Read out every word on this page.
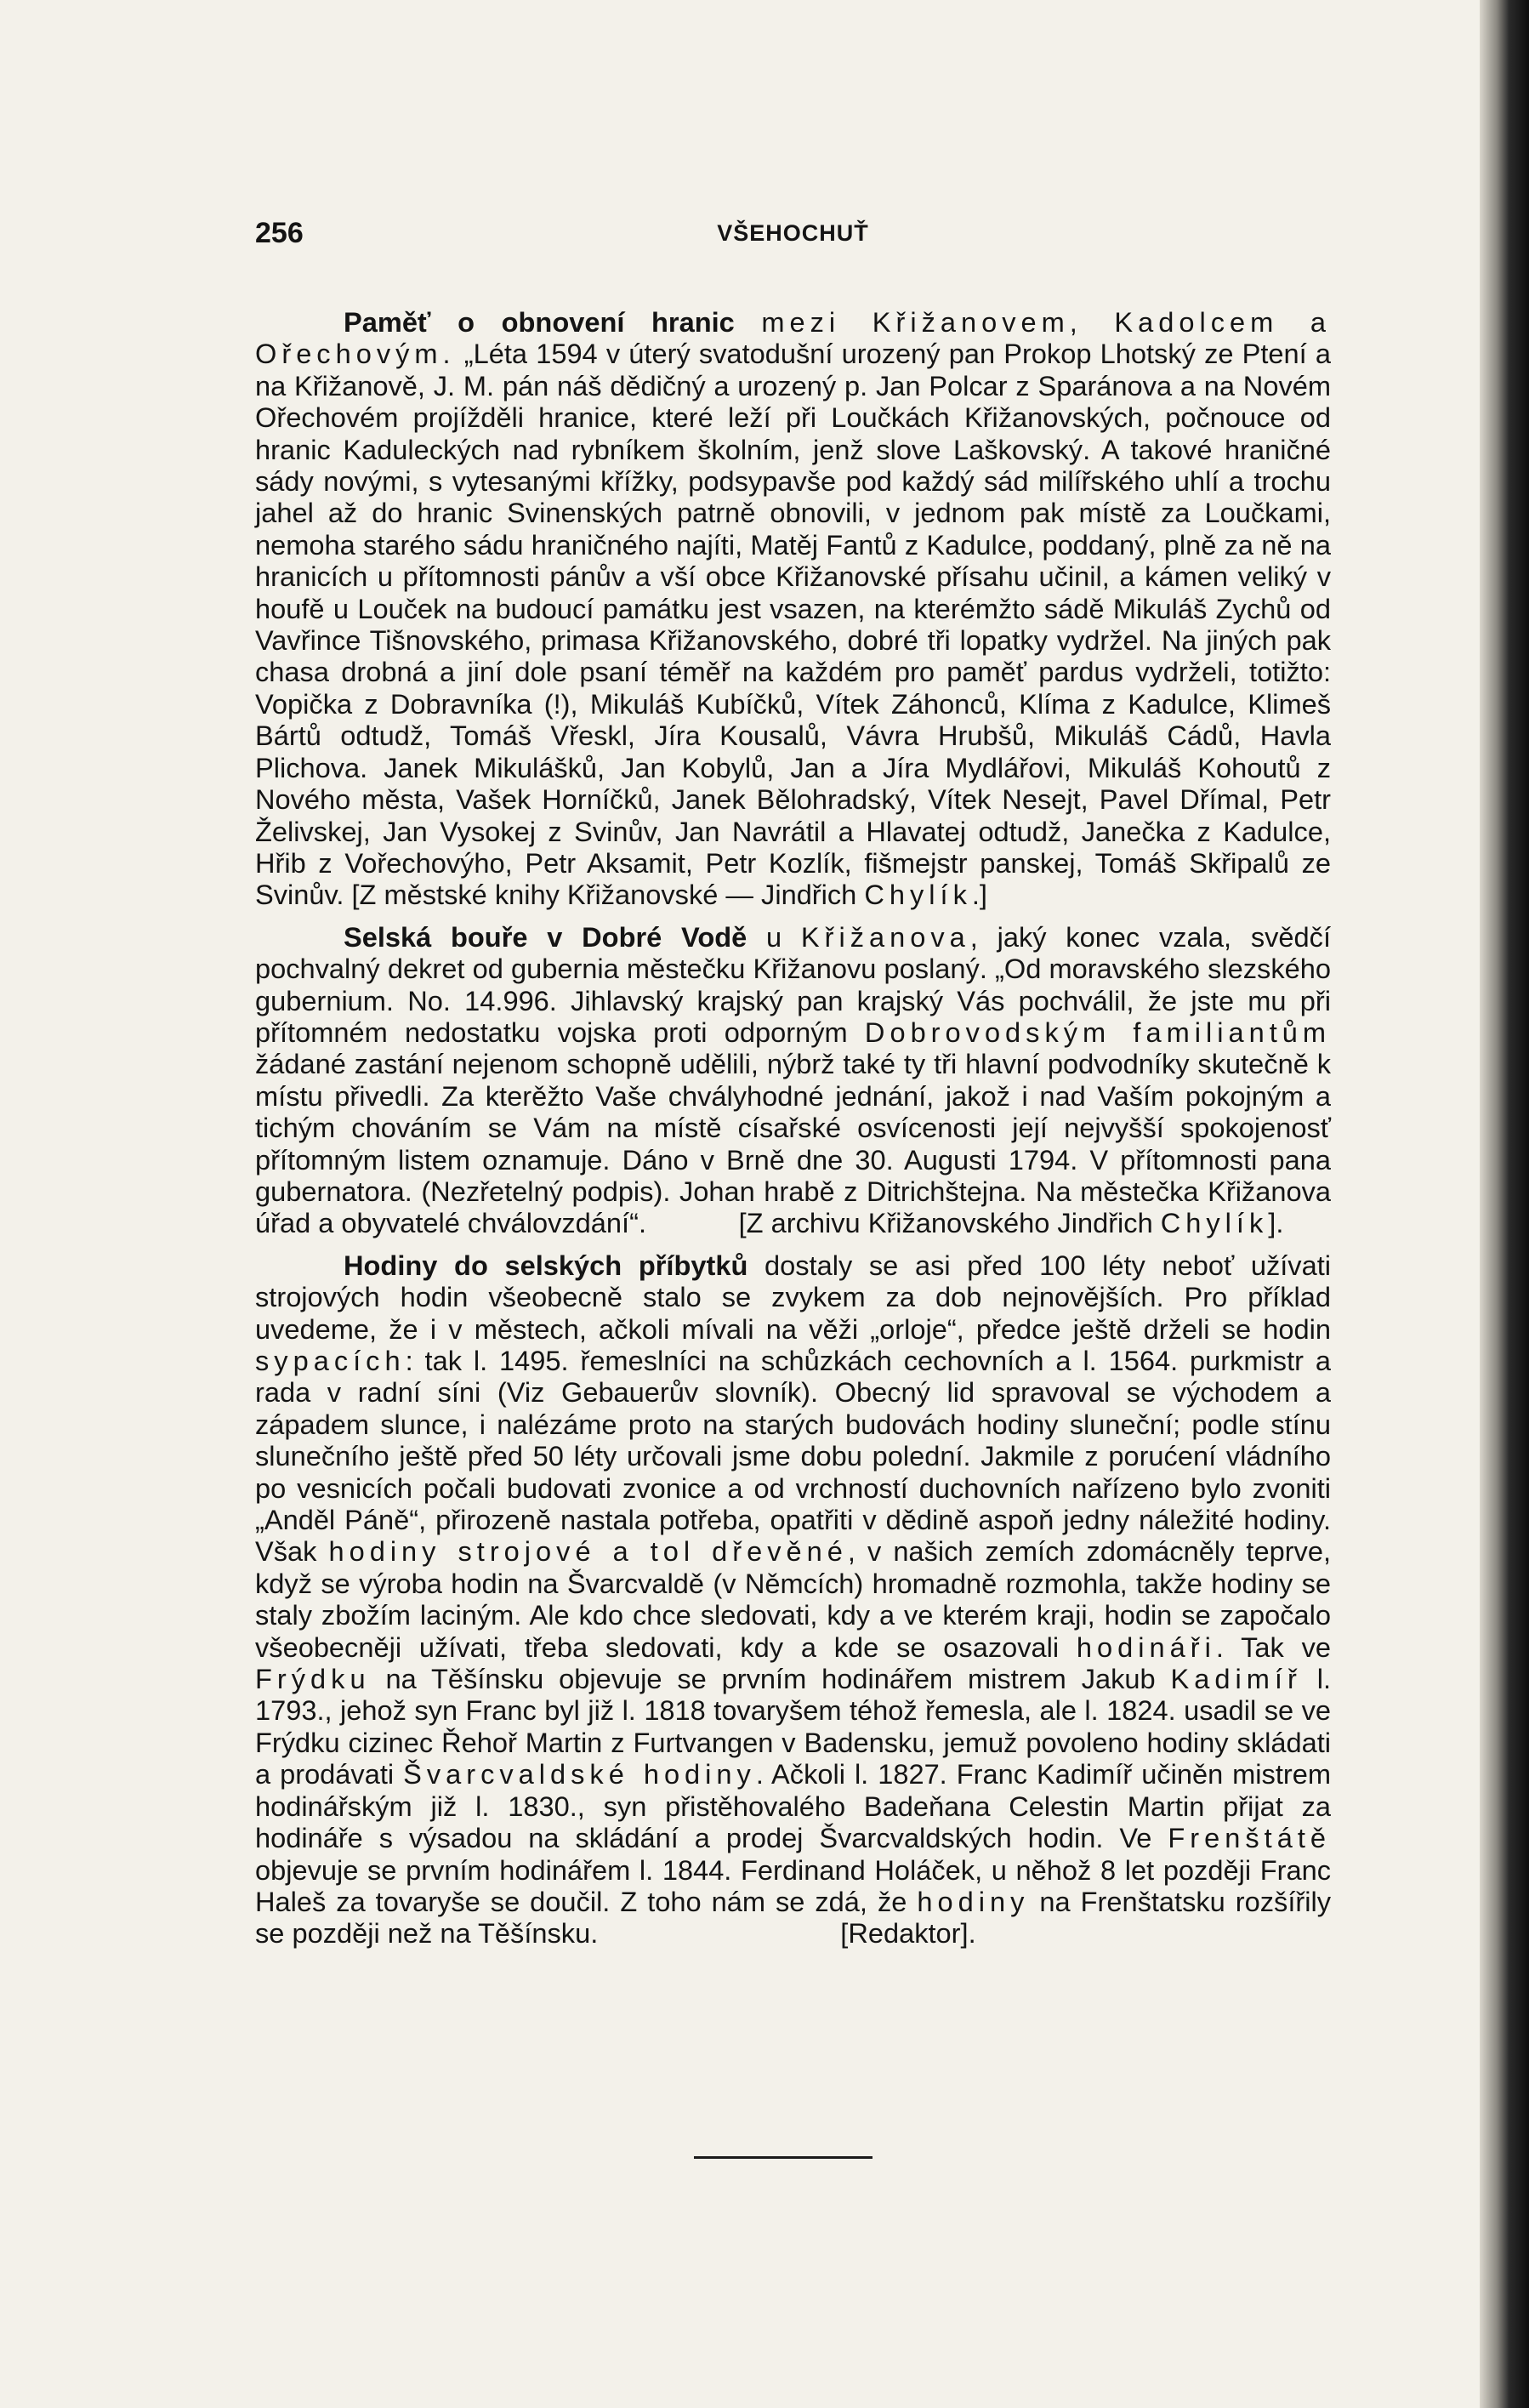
256	VŠEHOCHUŤ

Paměť o obnovení hranic mezi Křižanovem, Kadolcem a Ořechovým. „Léta 1594 v úterý svatodušní urozený pan Prokop Lhotský ze Ptení a na Křižanově, J. M. pán náš dědičný a urozený p. Jan Polcar z Sparánova a na Novém Ořechovém projížděli hranice, které leží při Loučkách Křižanovských, počnouce od hranic Kaduleckých nad rybníkem školním, jenž slove Laškovský. A takové hraničné sády novými, s vytesanými křížky, podsypavše pod každý sád milířského uhlí a trochu jahel až do hranic Svinenských patrně obnovili, v jednom pak místě za Loučkami, nemoha starého sádu hraničného najíti, Matěj Fantů z Kadulce, poddaný, plně za ně na hranicích u přítomnosti pánův a vší obce Křižanovské přísahu učinil, a kámen veliký v houfě u Louček na budoucí památku jest vsazen, na kterémžto sádě Mikuláš Zychů od Vavřince Tišnovského, primasa Křižanovského, dobré tři lopatky vydržel. Na jiných pak chasa drobná a jiní dole psaní téměř na každém pro paměť pardus vydrželi, totižto: Vopička z Dobravníka (!), Mikuláš Kubíčků, Vítek Záhonců, Klíma z Kadulce, Klimeš Bártů odtudž, Tomáš Vřeskl, Jíra Kousalů, Vávra Hrubšů, Mikuláš Cádů, Havla Plichova. Janek Mikulášků, Jan Kobylů, Jan a Jíra Mydlářovi, Mikuláš Kohoutů z Nového města, Vašek Horníčků, Janek Bělohradský, Vítek Nesejt, Pavel Dřímal, Petr Želivskej, Jan Vysokej z Svinův, Jan Navrátil a Hlavatej odtudž, Janečka z Kadulce, Hřib z Vořechovýho, Petr Aksamit, Petr Kozlík, fišmejstr panskej, Tomáš Skřipalů ze Svinův. [Z městské knihy Křižanovské — Jindřich Chylík.]

Selská bouře v Dobré Vodě u Křižanova, jaký konec vzala, svědčí pochvalný dekret od gubernia městečku Křižanovu poslaný. „Od moravského slezského gubernium. No. 14.996. Jihlavský krajský pan krajský Vás pochválil, že jste mu při přítomném nedostatku vojska proti odporným Dobrovodským familiantům žádané zastání nejenom schopně udělili, nýbrž také ty tři hlavní podvodníky skutečně k místu přivedli. Za kterěžto Vaše chvályhodné jednání, jakož i nad Vaším pokojným a tichým chováním se Vám na místě císařské osvícenosti její nejvyšší spokojenosť přítomným listem oznamuje. Dáno v Brně dne 30. Augusti 1794. V přítomnosti pana gubernatora. (Nezřetelný podpis). Johan hrabě z Ditrichštejna. Na městečka Křižanova úřad a obyvatelé chválovzdání“.	[Z archivu Křižanovského Jindřich Chylík].

Hodiny do selských příbytků dostaly se asi před 100 léty neboť užívati strojových hodin všeobecně stalo se zvykem za dob nejnovějších. Pro příklad uvedeme, že i v městech, ačkoli mívali na věži „orloje“, předce ještě drželi se hodin sypacích: tak l. 1495. řemeslníci na schůzkách cechovních a l. 1564. purkmistr a rada v radní síni (Viz Gebauerův slovník). Obecný lid spravoval se východem a západem slunce, i nalézáme proto na starých budovách hodiny sluneční; podle stínu slunečního ještě před 50 léty určovali jsme dobu polední. Jakmile z porućení vládního po vesnicích počali budovati zvonice a od vrchností duchovních nařízeno bylo zvoniti „Anděl Páně“, přirozeně nastala potřeba, opatřiti v dědině aspoň jedny náležité hodiny. Však hodiny strojové a tol dřevěné, v našich zemích zdomácněly teprve, když se výroba hodin na Švarcvaldě (v Němcích) hromadně rozmohla, takže hodiny se staly zbožím laciným. Ale kdo chce sledovati, kdy a ve kterém kraji, hodin se započalo všeobecněji užívati, třeba sledovati, kdy a kde se osazovali hodináři. Tak ve Frýdku na Těšínsku objevuje se prvním hodinářem mistrem Jakub Kadimíř l. 1793., jehož syn Franc byl již l. 1818 tovaryšem téhož řemesla, ale l. 1824. usadil se ve Frýdku cizinec Řehoř Martin z Furtvangen v Badensku, jemuž povoleno hodiny skládati a prodávati Švarcvaldské hodiny. Ačkoli l. 1827. Franc Kadimíř učiněn mistrem hodinářským již l. 1830., syn přistěhovalého Badeňana Celestin Martin přijat za hodináře s výsadou na skládání a prodej Švarcvaldských hodin. Ve Frenštátě objevuje se prvním hodinářem l. 1844. Ferdinand Holáček, u něhož 8 let později Franc Haleš za tovaryše se doučil. Z toho nám se zdá, že hodiny na Frenštatsku rozšířily se později než na Těšínsku.	[Redaktor].
